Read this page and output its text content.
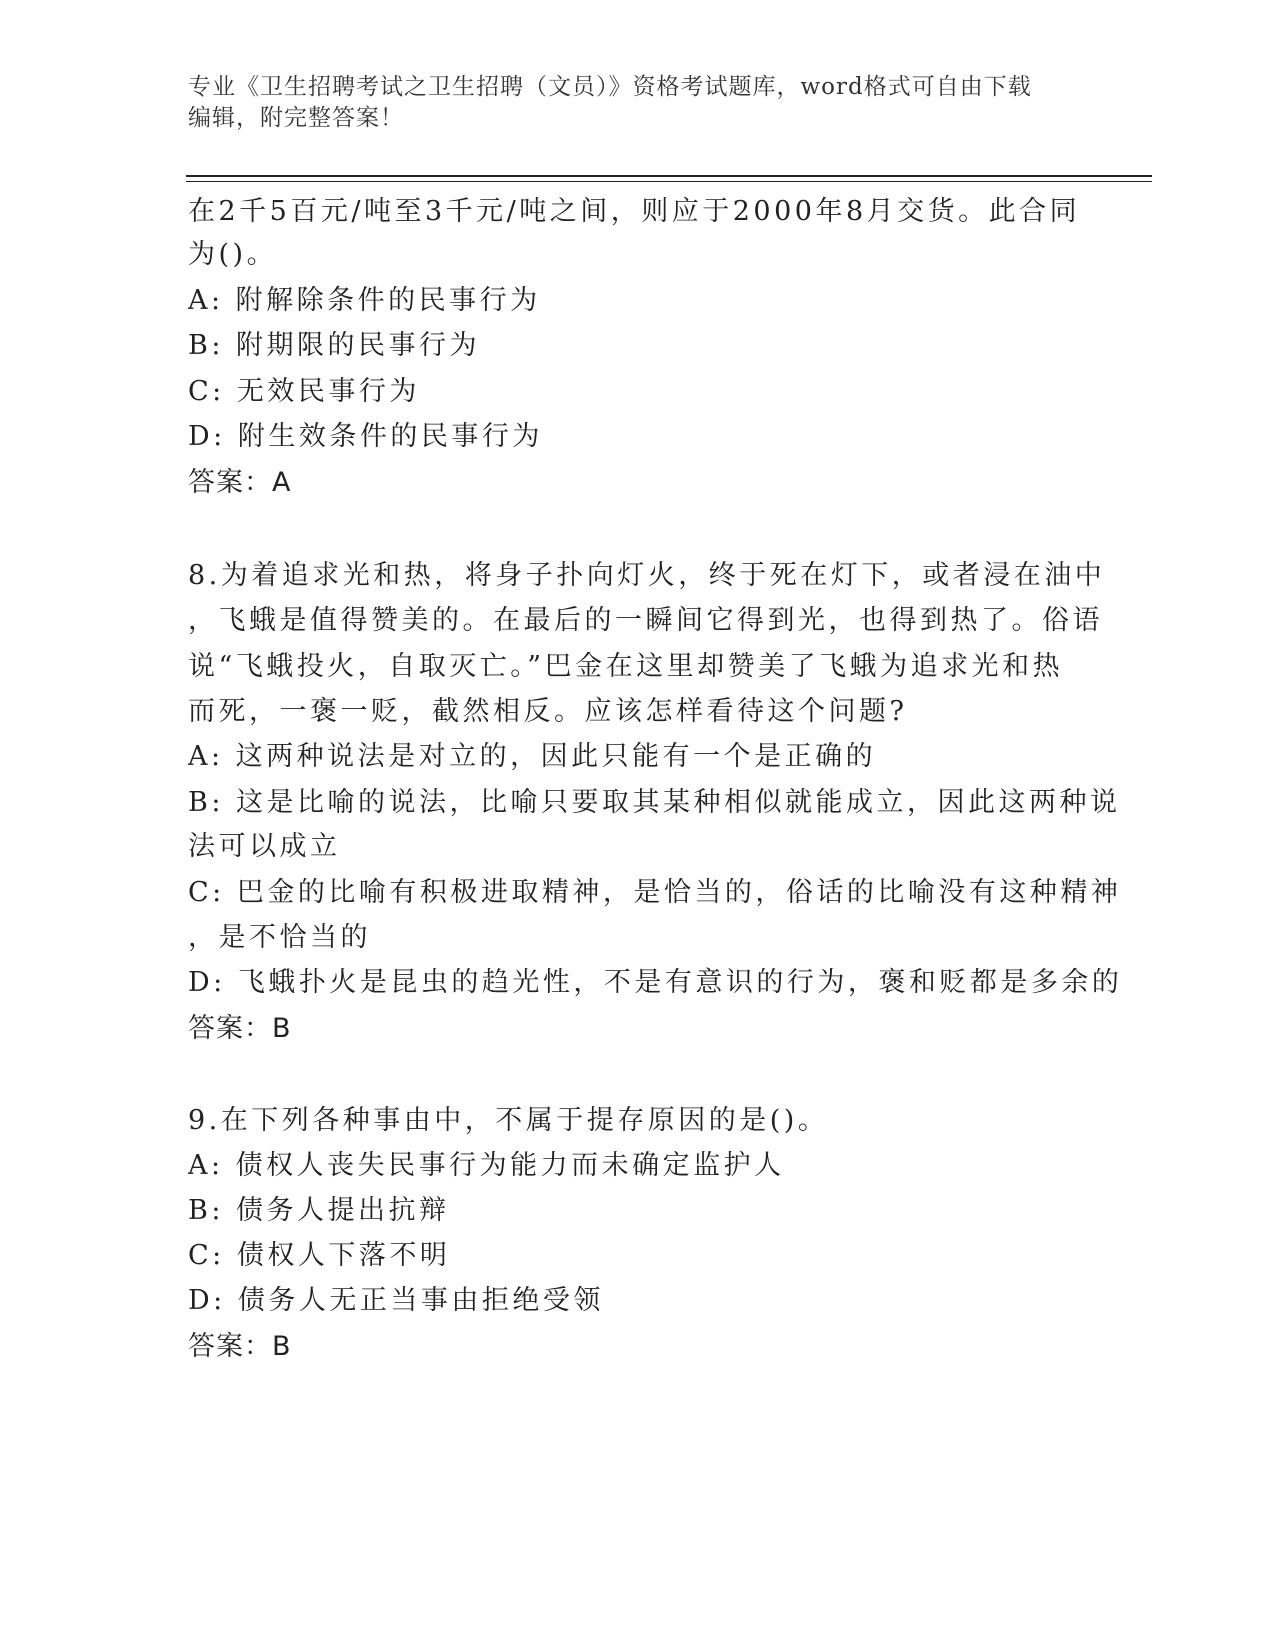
专业《卫生招聘考试之卫生招聘（文员）》资格考试题库，word格式可自由下载
编辑，附完整答案！
在2千5百元/吨至3千元/吨之间，则应于2000年8月交货。此合同
为()。
A: 附解除条件的民事行为
B: 附期限的民事行为
C: 无效民事行为
D: 附生效条件的民事行为
答案：A
8.为着追求光和热，将身子扑向灯火，终于死在灯下，或者浸在油中
，飞蛾是值得赞美的。在最后的一瞬间它得到光，也得到热了。俗语
说“飞蛾投火，自取灭亡。”巴金在这里却赞美了飞蛾为追求光和热
而死，一褒一贬，截然相反。应该怎样看待这个问题?
A: 这两种说法是对立的，因此只能有一个是正确的
B: 这是比喻的说法，比喻只要取其某种相似就能成立，因此这两种说
法可以成立
C: 巴金的比喻有积极进取精神，是恰当的，俗话的比喻没有这种精神
，是不恰当的
D: 飞蛾扑火是昆虫的趋光性，不是有意识的行为，褒和贬都是多余的
答案：B
9.在下列各种事由中，不属于提存原因的是()。
A: 债权人丧失民事行为能力而未确定监护人
B: 债务人提出抗辩
C: 债权人下落不明
D: 债务人无正当事由拒绝受领
答案：B
